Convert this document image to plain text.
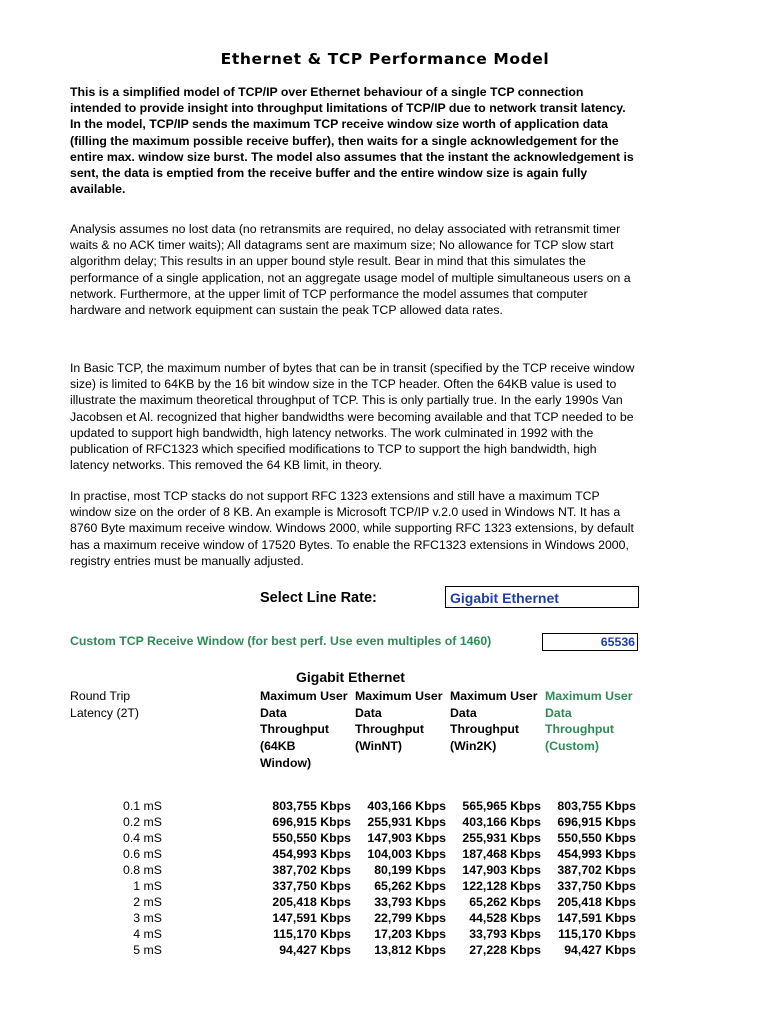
Ethernet & TCP Performance Model

This is a simplified model of TCP/IP over Ethernet behaviour of a single TCP connection intended to provide insight into throughput limitations of TCP/IP due to network transit latency. In the model, TCP/IP sends the maximum TCP receive window size worth of application data (filling the maximum possible receive buffer), then waits for a single acknowledgement for the entire max. window size burst. The model also assumes that the instant the acknowledgement is sent, the data is emptied from the receive buffer and the entire window size is again fully available.

Analysis assumes no lost data (no retransmits are required, no delay associated with retransmit timer waits & no ACK timer waits); All datagrams sent are maximum size; No allowance for TCP slow start algorithm delay; This results in an upper bound style result. Bear in mind that this simulates the performance of a single application, not an aggregate usage model of multiple simultaneous users on a network. Furthermore, at the upper limit of TCP performance the model assumes that computer hardware and network equipment can sustain the peak TCP allowed data rates.

In Basic TCP, the maximum number of bytes that can be in transit (specified by the TCP receive window size) is limited to 64KB by the 16 bit window size in the TCP header. Often the 64KB value is used to illustrate the maximum theoretical throughput of TCP. This is only partially true. In the early 1990s Van Jacobsen et Al. recognized that higher bandwidths were becoming available and that TCP needed to be updated to support high bandwidth, high latency networks. The work culminated in 1992 with the publication of RFC1323 which specified modifications to TCP to support the high bandwidth, high latency networks. This removed the 64 KB limit, in theory.

In practise, most TCP stacks do not support RFC 1323 extensions and still have a maximum TCP window size on the order of 8 KB. An example is Microsoft TCP/IP v.2.0 used in Windows NT. It has a 8760 Byte maximum receive window. Windows 2000, while supporting RFC 1323 extensions, by default has a maximum receive window of 17520 Bytes. To enable the RFC1323 extensions in Windows 2000, registry entries must be manually adjusted.

Select Line Rate:	Gigabit Ethernet
Custom TCP Receive Window (for best perf. Use even multiples of 1460)	65536
Gigabit Ethernet
Round Trip
Latency (2T)
Maximum User
Data
Throughput
(64KB
Window)
Maximum User
Data
Throughput
(WinNT)
Maximum User
Data
Throughput
(Win2K)
Maximum User
Data
Throughput
(Custom)
0.1 mS	803,755 Kbps	403,166 Kbps	565,965 Kbps	803,755 Kbps
0.2 mS	696,915 Kbps	255,931 Kbps	403,166 Kbps	696,915 Kbps
0.4 mS	550,550 Kbps	147,903 Kbps	255,931 Kbps	550,550 Kbps
0.6 mS	454,993 Kbps	104,003 Kbps	187,468 Kbps	454,993 Kbps
0.8 mS	387,702 Kbps	80,199 Kbps	147,903 Kbps	387,702 Kbps
1 mS	337,750 Kbps	65,262 Kbps	122,128 Kbps	337,750 Kbps
2 mS	205,418 Kbps	33,793 Kbps	65,262 Kbps	205,418 Kbps
3 mS	147,591 Kbps	22,799 Kbps	44,528 Kbps	147,591 Kbps
4 mS	115,170 Kbps	17,203 Kbps	33,793 Kbps	115,170 Kbps
5 mS	94,427 Kbps	13,812 Kbps	27,228 Kbps	94,427 Kbps
